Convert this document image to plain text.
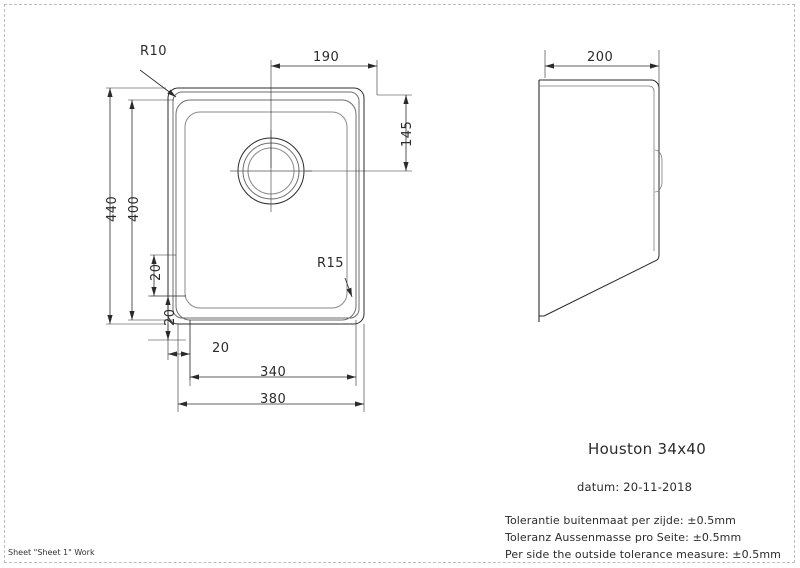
R10	190
145
440 400
20
20
20
340
380
R15
200
Houston 34x40
datum: 20-11-2018
Tolerantie buitenmaat per zijde: ±0.5mm
Toleranz Aussenmasse pro Seite: ±0.5mm
Per side the outside tolerance measure: ±0.5mm
Sheet "Sheet 1" Work
